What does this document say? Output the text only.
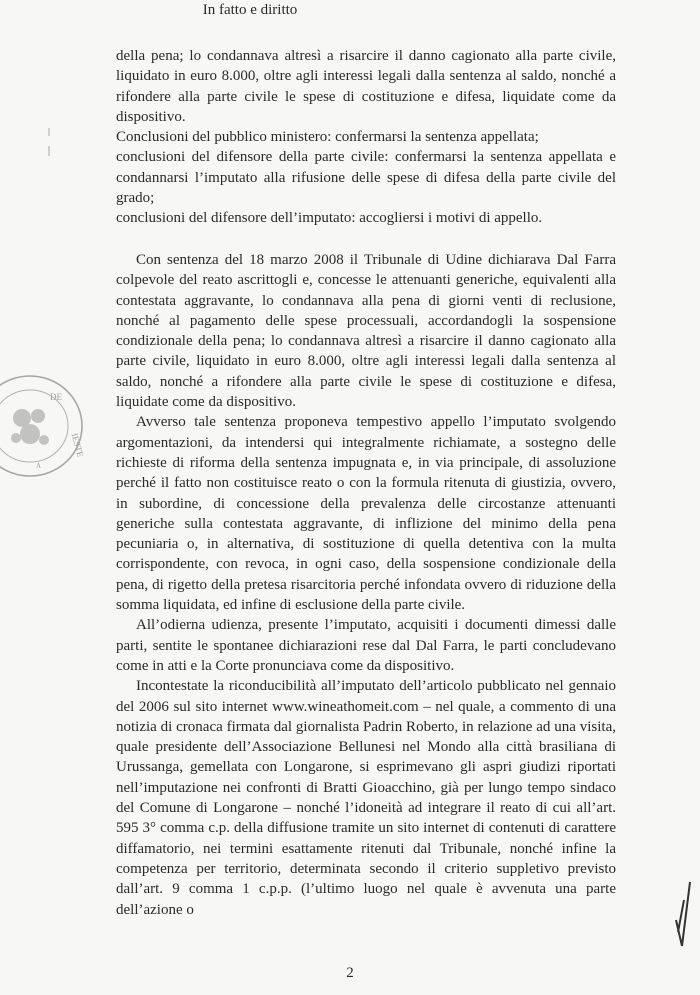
DE
IESTE
A

della pena; lo condannava altresì a risarcire il danno cagionato alla parte civile, liquidato in euro 8.000, oltre agli interessi legali dalla sentenza al saldo, nonché a rifondere alla parte civile le spese di costituzione e difesa, liquidate come da dispositivo.

Conclusioni del pubblico ministero: confermarsi la sentenza appellata;

conclusioni del difensore della parte civile: confermarsi la sentenza appellata e condannarsi l’imputato alla rifusione delle spese di difesa della parte civile del grado;

conclusioni del difensore dell’imputato: accogliersi i motivi di appello.

In fatto e diritto

Con sentenza del 18 marzo 2008 il Tribunale di Udine dichiarava Dal Farra colpevole del reato ascrittogli e, concesse le attenuanti generiche, equivalenti alla contestata aggravante, lo condannava alla pena di giorni venti di reclusione, nonché al pagamento delle spese processuali, accordandogli la sospensione condizionale della pena; lo condannava altresì a risarcire il danno cagionato alla parte civile, liquidato in euro 8.000, oltre agli interessi legali dalla sentenza al saldo, nonché a rifondere alla parte civile le spese di costituzione e difesa, liquidate come da dispositivo.

Avverso tale sentenza proponeva tempestivo appello l’imputato svolgendo argomentazioni, da intendersi qui integralmente richiamate, a sostegno delle richieste di riforma della sentenza impugnata e, in via principale, di assoluzione perché il fatto non costituisce reato o con la formula ritenuta di giustizia, ovvero, in subordine, di concessione della prevalenza delle circostanze attenuanti generiche sulla contestata aggravante, di inflizione del minimo della pena pecuniaria o, in alternativa, di sostituzione di quella detentiva con la multa corrispondente, con revoca, in ogni caso, della sospensione condizionale della pena, di rigetto della pretesa risarcitoria perché infondata ovvero di riduzione della somma liquidata, ed infine di esclusione della parte civile.

All’odierna udienza, presente l’imputato, acquisiti i documenti dimessi dalle parti, sentite le spontanee dichiarazioni rese dal Dal Farra, le parti concludevano come in atti e la Corte pronunciava come da dispositivo.

Incontestate la riconducibilità all’imputato dell’articolo pubblicato nel gennaio del 2006 sul sito internet www.wineathomeit.com – nel quale, a commento di una notizia di cronaca firmata dal giornalista Padrin Roberto, in relazione ad una visita, quale presidente dell’Associazione Bellunesi nel Mondo alla città brasiliana di Urussanga, gemellata con Longarone, si esprimevano gli aspri giudizi riportati nell’imputazione nei confronti di Bratti Gioacchino, già per lungo tempo sindaco del Comune di Longarone – nonché l’idoneità ad integrare il reato di cui all’art. 595 3° comma c.p. della diffusione tramite un sito internet di contenuti di carattere diffamatorio, nei termini esattamente ritenuti dal Tribunale, nonché infine la competenza per territorio, determinata secondo il criterio suppletivo previsto dall’art. 9 comma 1 c.p.p. (l’ultimo luogo nel quale è avvenuta una parte dell’azione o

2
